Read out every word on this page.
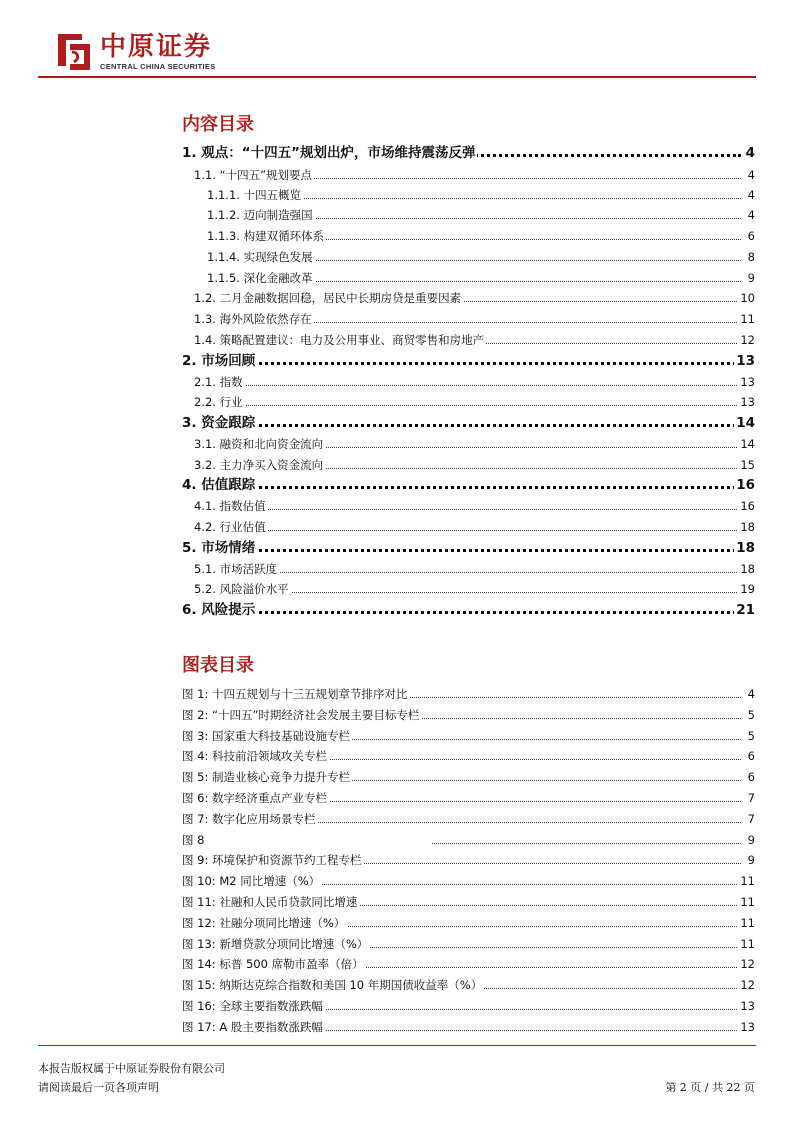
中原证券
CENTRAL CHINA SECURITIES
内容目录
1. 观点：“十四五”规划出炉，市场维持震荡反弹	4
1.1. “十四五”规划要点	4
1.1.1. 十四五概览	4
1.1.2. 迈向制造强国	4
1.1.3. 构建双循环体系	6
1.1.4. 实现绿色发展	8
1.1.5. 深化金融改革	9
1.2. 二月金融数据回稳，居民中长期房贷是重要因素	10
1.3. 海外风险依然存在	11
1.4. 策略配置建议：电力及公用事业、商贸零售和房地产	12
2. 市场回顾	13
2.1. 指数	13
2.2. 行业	13
3. 资金跟踪	14
3.1. 融资和北向资金流向	14
3.2. 主力净买入资金流向	15
4. 估值跟踪	16
4.1. 指数估值	16
4.2. 行业估值	18
5. 市场情绪	18
5.1. 市场活跃度	18
5.2. 风险溢价水平	19
6. 风险提示	21
图表目录
图 1: 十四五规划与十三五规划章节排序对比	4
图 2: “十四五”时期经济社会发展主要目标专栏	5
图 3: 国家重大科技基础设施专栏	5
图 4: 科技前沿领域攻关专栏	6
图 5: 制造业核心竞争力提升专栏	6
图 6: 数字经济重点产业专栏	7
图 7: 数字化应用场景专栏	7
图 8	9
图 9: 环境保护和资源节约工程专栏	9
图 10: M2 同比增速（%）	11
图 11: 社融和人民币贷款同比增速	11
图 12: 社融分项同比增速（%）	11
图 13: 新增贷款分项同比增速（%）	11
图 14: 标普 500 席勒市盈率（倍）	12
图 15: 纳斯达克综合指数和美国 10 年期国债收益率（%）	12
图 16: 全球主要指数涨跌幅	13
图 17: A 股主要指数涨跌幅	13
本报告版权属于中原证券股份有限公司
请阅读最后一页各项声明	第 2 页 / 共 22 页
